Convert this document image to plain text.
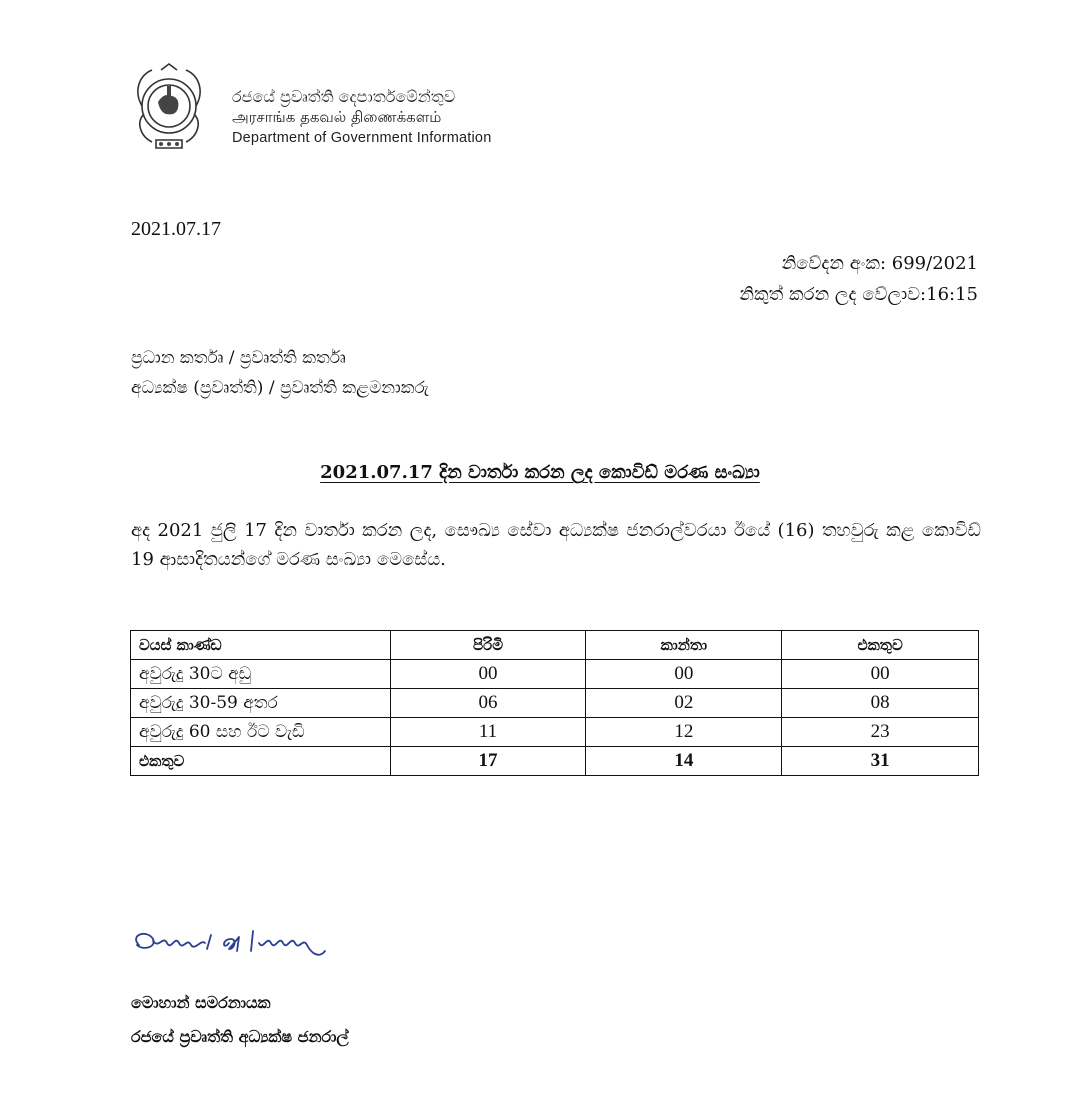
රජයේ ප්‍රවෘත්ති දෙපාර්තමේන්තුව
அரசாங்க தகவல் திணைக்களம்
Department of Government Information
2021.07.17
නිවේදන අංක: 699/2021
නිකුත් කරන ලද වේලාව:16:15
ප්‍රධාන කර්තෘ / ප්‍රවෘත්ති කර්තෘ
අධ්‍යක්ෂ (ප්‍රවෘත්ති) / ප්‍රවෘත්ති කළමනාකරු
2021.07.17 දින වාර්තා කරන ලද කොවිඩ් මරණ සංඛ්‍යා
අද 2021 ජුලි 17 දින වාර්තා කරන ලද, සෞඛ්‍ය සේවා අධ්‍යක්ෂ ජනරාල්වරයා ඊයේ (16) තහවුරු කළ කොවිඩ් 19 ආසාදිතයන්ගේ මරණ සංඛ්‍යා මෙසේය.
වයස් කාණ්ඩ	පිරිමි	කාන්තා	එකතුව
අවුරුදු 30ට අඩු	00	00	00
අවුරුදු 30-59 අතර	06	02	08
අවුරුදු 60 සහ ඊට වැඩි	11	12	23
එකතුව	17	14	31
මොහාන් සමරනායක
රජයේ ප්‍රවෘත්ති අධ්‍යක්ෂ ජනරාල්
